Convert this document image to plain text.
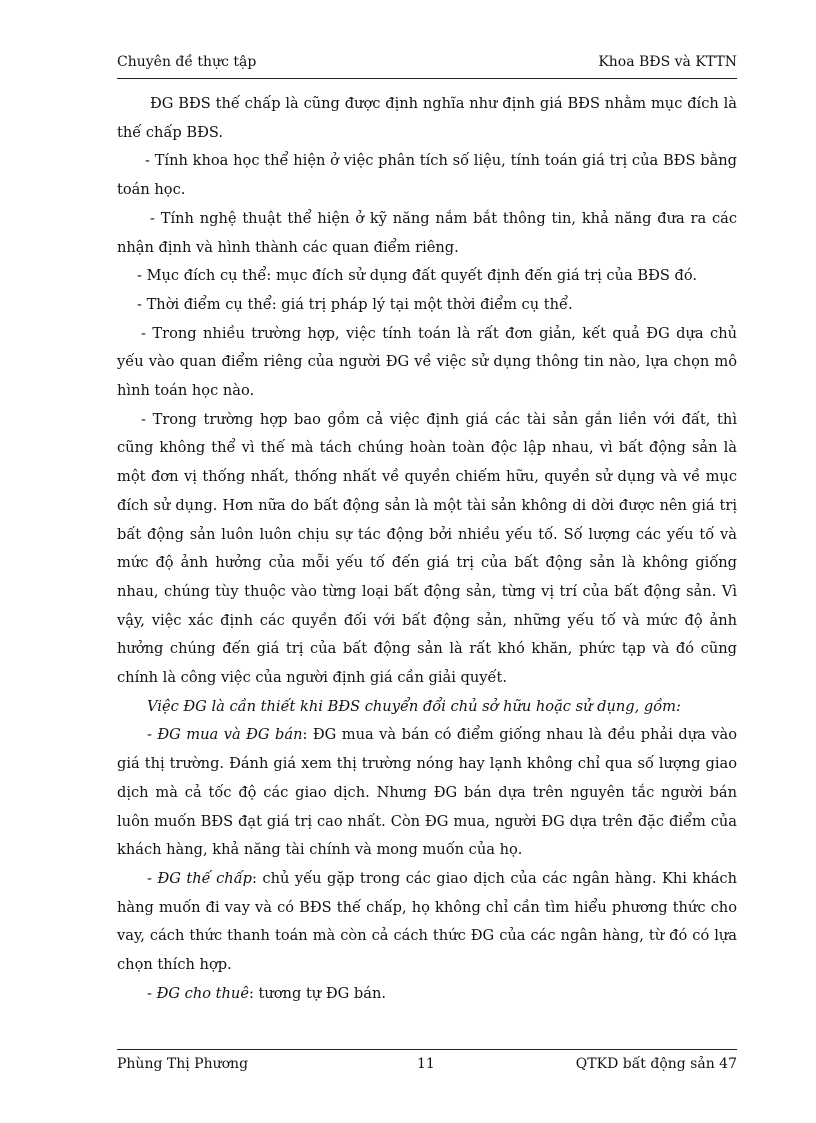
Chuyên đề thực tập	Khoa BĐS và KTTN

ĐG BĐS thế chấp là cũng được định nghĩa như định giá BĐS nhằm mục đích là thế chấp BĐS.

- Tính khoa học thể hiện ở việc phân tích số liệu, tính toán giá trị của BĐS bằng toán học.

- Tính nghệ thuật thể hiện ở kỹ năng nắm bắt thông tin, khả năng đưa ra các nhận định và hình thành các quan điểm riêng.

- Mục đích cụ thể: mục đích sử dụng đất quyết định đến giá trị của BĐS đó.

- Thời điểm cụ thể: giá trị pháp lý tại một thời điểm cụ thể.

- Trong nhiều trường hợp, việc tính toán là rất đơn giản, kết quả ĐG dựa chủ yếu vào quan điểm riêng của người ĐG về việc sử dụng thông tin nào, lựa chọn mô hình toán học nào.

- Trong trường hợp bao gồm cả việc định giá các tài sản gắn liền với đất, thì cũng không thể vì thế mà tách chúng hoàn toàn độc lập nhau, vì bất động sản là một đơn vị thống nhất, thống nhất về quyền chiếm hữu, quyền sử dụng và về mục đích sử dụng. Hơn nữa do bất động sản là một tài sản không di dời được nên giá trị bất động sản luôn luôn chịu sự tác động bởi nhiều yếu tố. Số lượng các yếu tố và mức độ ảnh hưởng của mỗi yếu tố đến giá trị của bất động sản là không giống nhau, chúng tùy thuộc vào từng loại bất động sản, từng vị trí của bất động sản. Vì vậy, việc xác định các quyền đối với bất động sản, những yếu tố và mức độ ảnh hưởng chúng đến giá trị của bất động sản là rất khó khăn, phức tạp và đó cũng chính là công việc của người định giá cần giải quyết.

Việc ĐG là cần thiết khi BĐS chuyển đổi chủ sở hữu hoặc sử dụng, gồm:

- ĐG mua và ĐG bán: ĐG mua và bán có điểm giống nhau là đều phải dựa vào giá thị trường. Đánh giá xem thị trường nóng hay lạnh không chỉ qua số lượng giao dịch mà cả tốc độ các giao dịch. Nhưng ĐG bán dựa trên nguyên tắc người bán luôn muốn BĐS đạt giá trị cao nhất. Còn ĐG mua, người ĐG dựa trên đặc điểm của khách hàng, khả năng tài chính và mong muốn của họ.

- ĐG thế chấp: chủ yếu gặp trong các giao dịch của các ngân hàng. Khi khách hàng muốn đi vay và có BĐS thế chấp, họ không chỉ cần tìm hiểu phương thức cho vay, cách thức thanh toán mà còn cả cách thức ĐG của các ngân hàng, từ đó có lựa chọn thích hợp.

- ĐG cho thuê: tương tự ĐG bán.

Phùng Thị Phương	11	QTKD bất động sản 47
